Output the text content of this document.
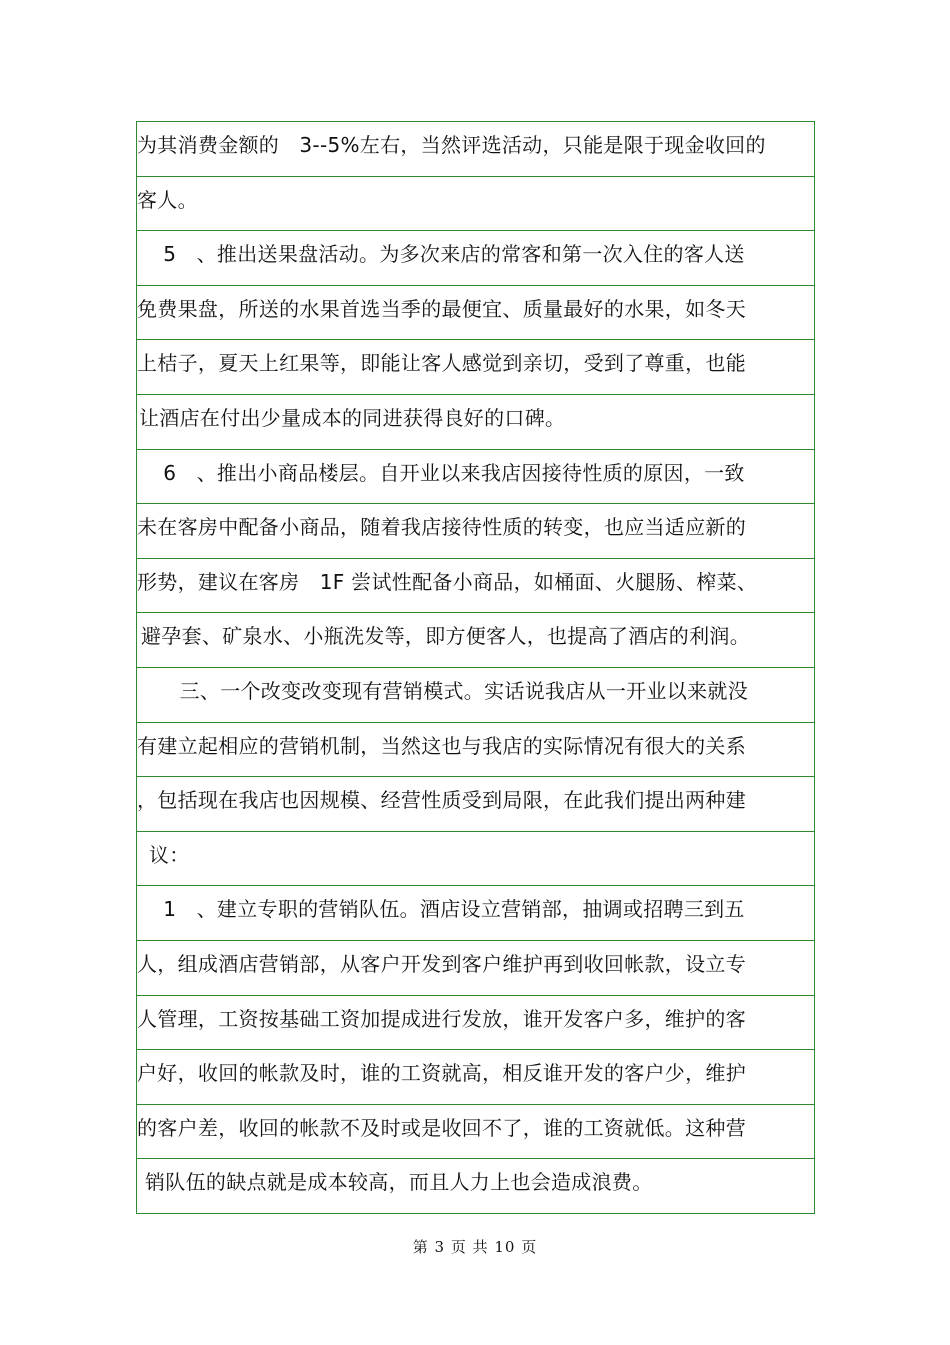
为其消费金额的　3--5%左右，当然评选活动，只能是限于现金收回的
客人。
　5　、推出送果盘活动。为多次来店的常客和第一次入住的客人送
免费果盘，所送的水果首选当季的最便宜、质量最好的水果，如冬天
上桔子，夏天上红果等，即能让客人感觉到亲切，受到了尊重，也能
让酒店在付出少量成本的同进获得良好的口碑。
　6　、推出小商品楼层。自开业以来我店因接待性质的原因，一致
未在客房中配备小商品，随着我店接待性质的转变，也应当适应新的
形势，建议在客房　1F 尝试性配备小商品，如桶面、火腿肠、榨菜、
避孕套、矿泉水、小瓶洗发等，即方便客人，也提高了酒店的利润。
　　三、一个改变改变现有营销模式。实话说我店从一开业以来就没
有建立起相应的营销机制，当然这也与我店的实际情况有很大的关系
，包括现在我店也因规模、经营性质受到局限，在此我们提出两种建
议：
　1　、建立专职的营销队伍。酒店设立营销部，抽调或招聘三到五
人，组成酒店营销部，从客户开发到客户维护再到收回帐款，设立专
人管理，工资按基础工资加提成进行发放，谁开发客户多，维护的客
户好，收回的帐款及时，谁的工资就高，相反谁开发的客户少，维护
的客户差，收回的帐款不及时或是收回不了，谁的工资就低。这种营
销队伍的缺点就是成本较高，而且人力上也会造成浪费。
第 3 页 共 10 页
